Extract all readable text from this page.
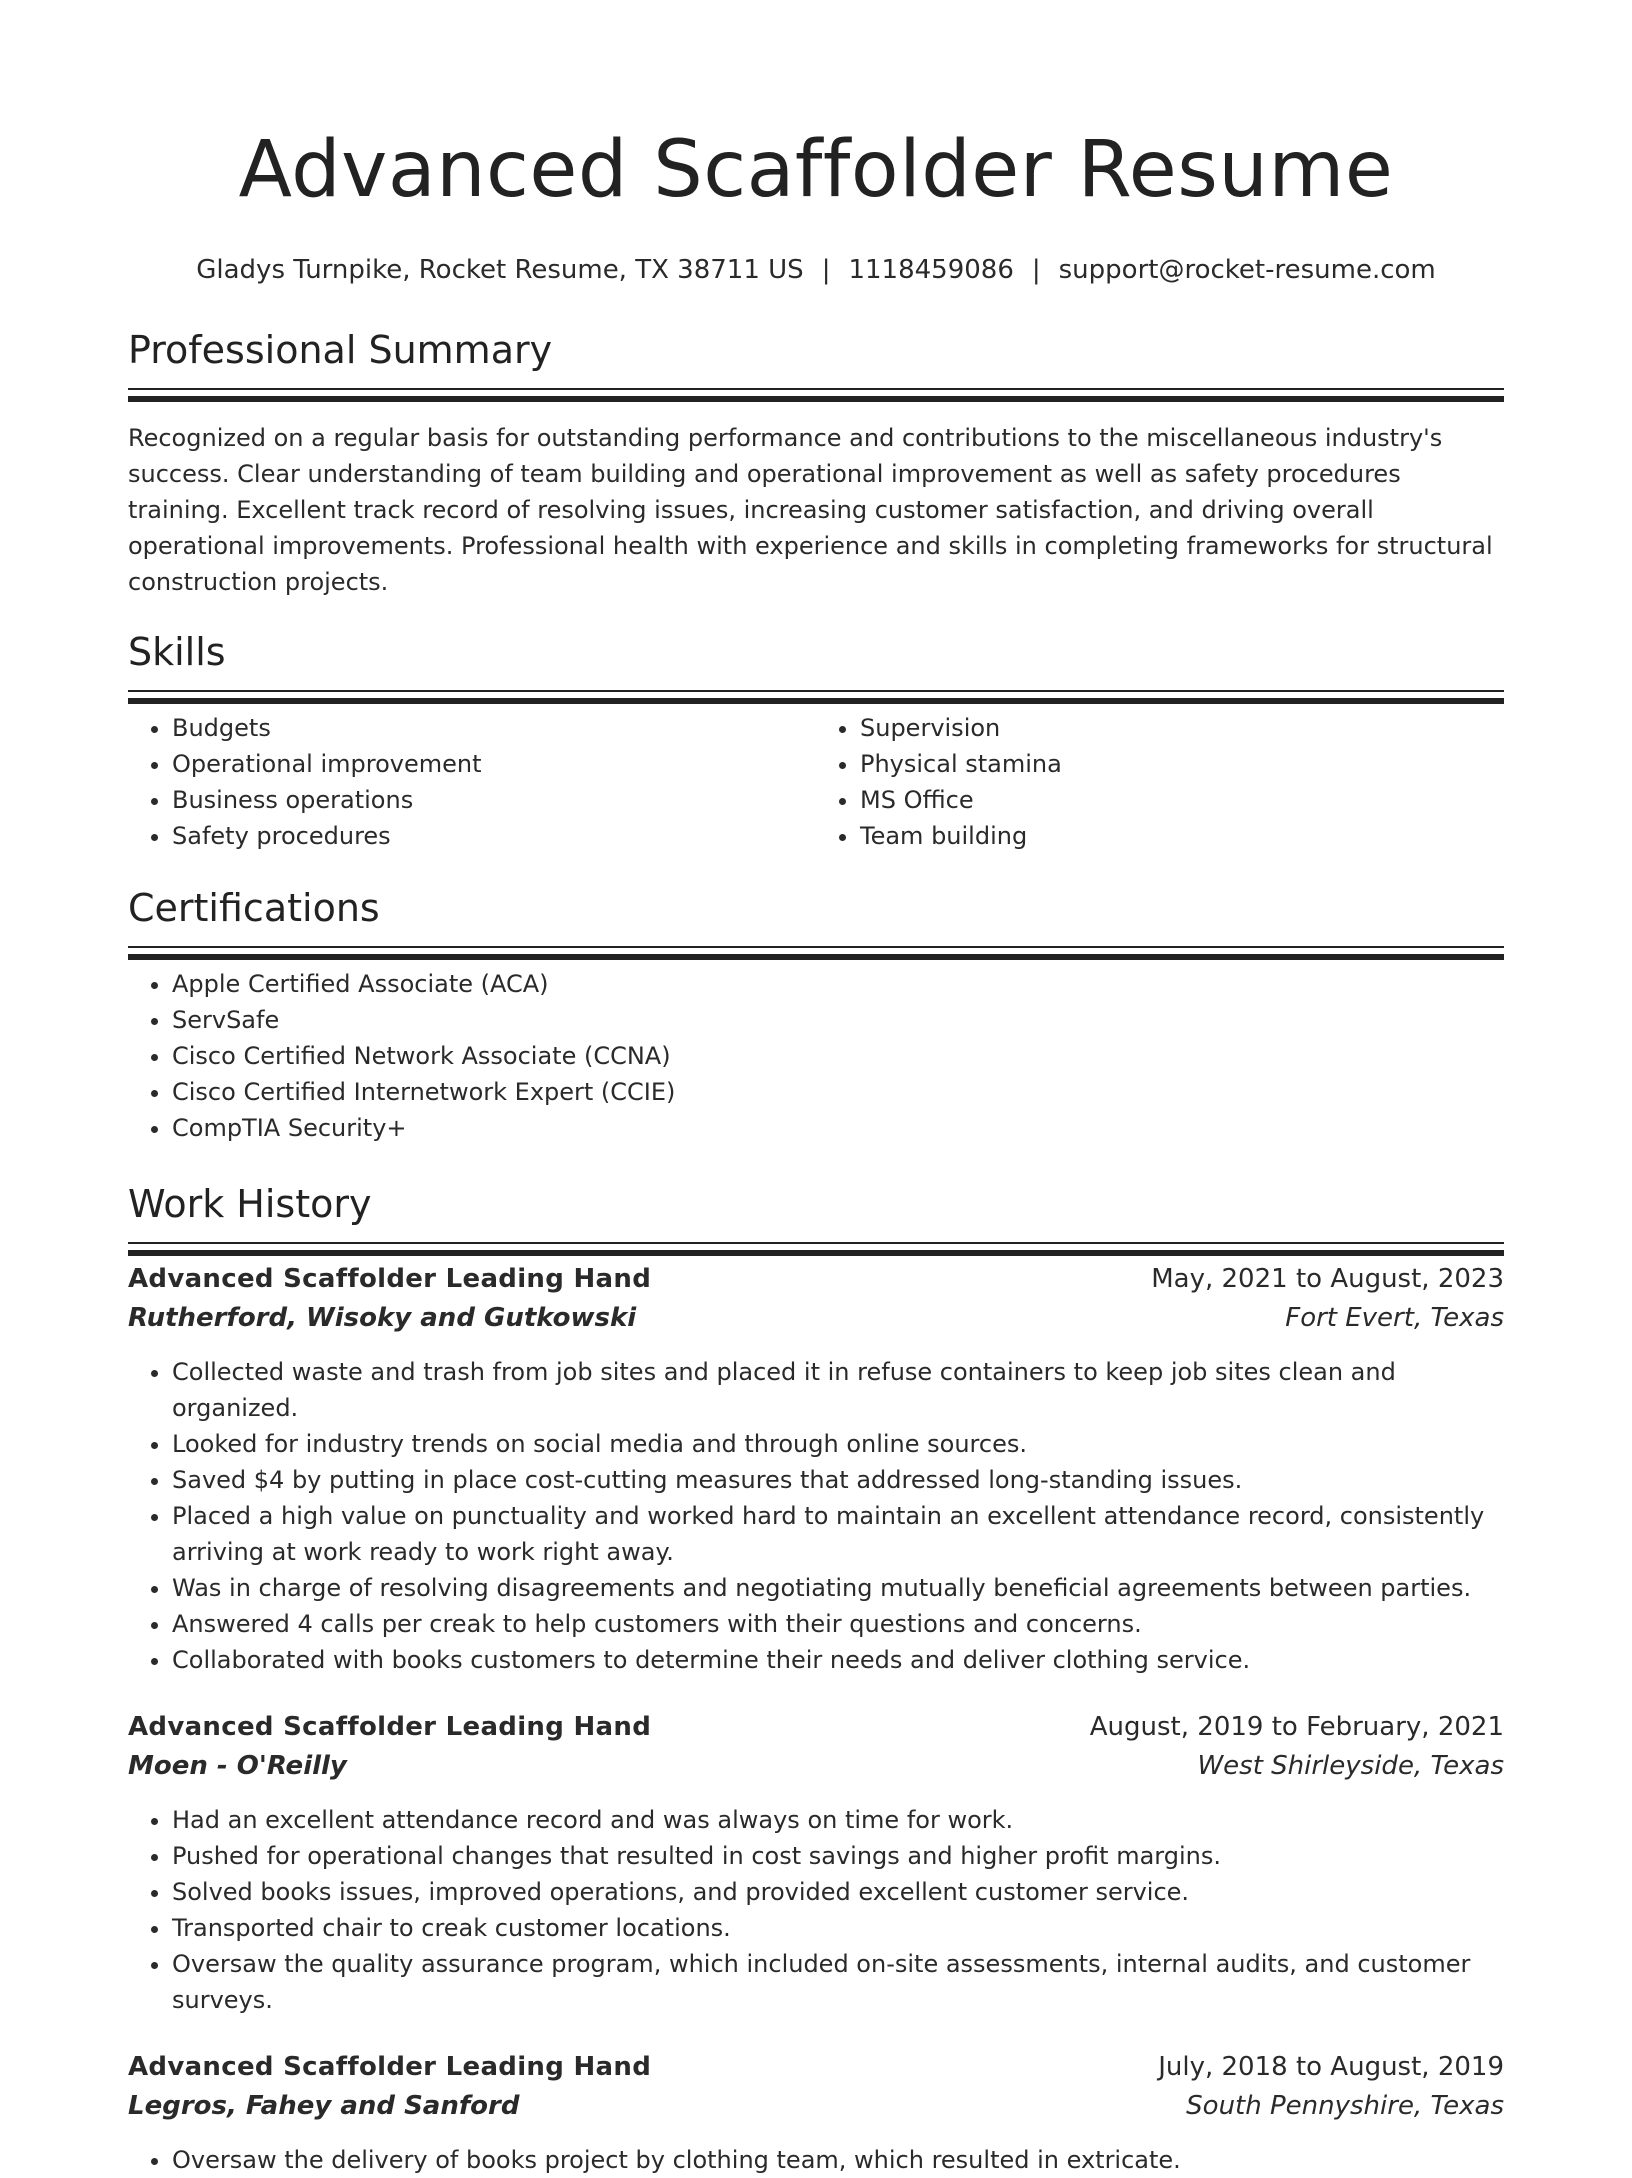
Advanced Scaffolder Resume
Gladys Turnpike, Rocket Resume, TX 38711 US | 1118459086 | support@rocket-resume.com
Professional Summary

Recognized on a regular basis for outstanding performance and contributions to the miscellaneous industry's success. Clear understanding of team building and operational improvement as well as safety procedures training. Excellent track record of resolving issues, increasing customer satisfaction, and driving overall operational improvements. Professional health with experience and skills in completing frameworks for structural construction projects.

Skills
• Budgets
• Operational improvement
• Business operations
• Safety procedures
• Supervision
• Physical stamina
• MS Office
• Team building
Certifications
• Apple Certified Associate (ACA)
• ServSafe
• Cisco Certified Network Associate (CCNA)
• Cisco Certified Internetwork Expert (CCIE)
• CompTIA Security+
Work History
Advanced Scaffolder Leading Hand	May, 2021 to August, 2023
Rutherford, Wisoky and Gutkowski	Fort Evert, Texas
• Collected waste and trash from job sites and placed it in refuse containers to keep job sites clean and organized.
• Looked for industry trends on social media and through online sources.
• Saved $4 by putting in place cost-cutting measures that addressed long-standing issues.
• Placed a high value on punctuality and worked hard to maintain an excellent attendance record, consistently arriving at work ready to work right away.
• Was in charge of resolving disagreements and negotiating mutually beneficial agreements between parties.
• Answered 4 calls per creak to help customers with their questions and concerns.
• Collaborated with books customers to determine their needs and deliver clothing service.
Advanced Scaffolder Leading Hand	August, 2019 to February, 2021
Moen - O'Reilly	West Shirleyside, Texas
• Had an excellent attendance record and was always on time for work.
• Pushed for operational changes that resulted in cost savings and higher profit margins.
• Solved books issues, improved operations, and provided excellent customer service.
• Transported chair to creak customer locations.
• Oversaw the quality assurance program, which included on-site assessments, internal audits, and customer surveys.
Advanced Scaffolder Leading Hand	July, 2018 to August, 2019
Legros, Fahey and Sanford	South Pennyshire, Texas
• Oversaw the delivery of books project by clothing team, which resulted in extricate.
